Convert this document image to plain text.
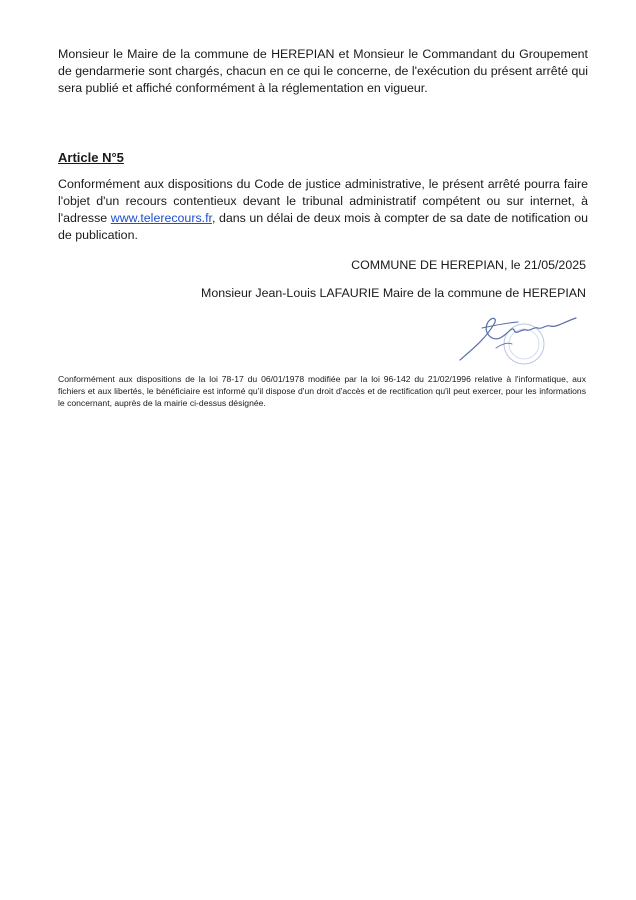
Monsieur le Maire de la commune de HEREPIAN et Monsieur le Commandant du Groupement de gendarmerie sont chargés, chacun en ce qui le concerne, de l'exécution du présent arrêté qui sera publié et affiché conformément à la réglementation en vigueur.

Article N°5

Conformément aux dispositions du Code de justice administrative, le présent arrêté pourra faire l'objet d'un recours contentieux devant le tribunal administratif compétent ou sur internet, à l'adresse www.telerecours.fr, dans un délai de deux mois à compter de sa date de notification ou de publication.

COMMUNE DE HEREPIAN, le 21/05/2025
Monsieur Jean-Louis LAFAURIE Maire de la commune de HEREPIAN

Conformément aux dispositions de la loi 78-17 du 06/01/1978 modifiée par la loi 96-142 du 21/02/1996 relative à l'informatique, aux fichiers et aux libertés, le bénéficiaire est informé qu'il dispose d'un droit d'accès et de rectification qu'il peut exercer, pour les informations le concernant, auprès de la mairie ci-dessus désignée.
